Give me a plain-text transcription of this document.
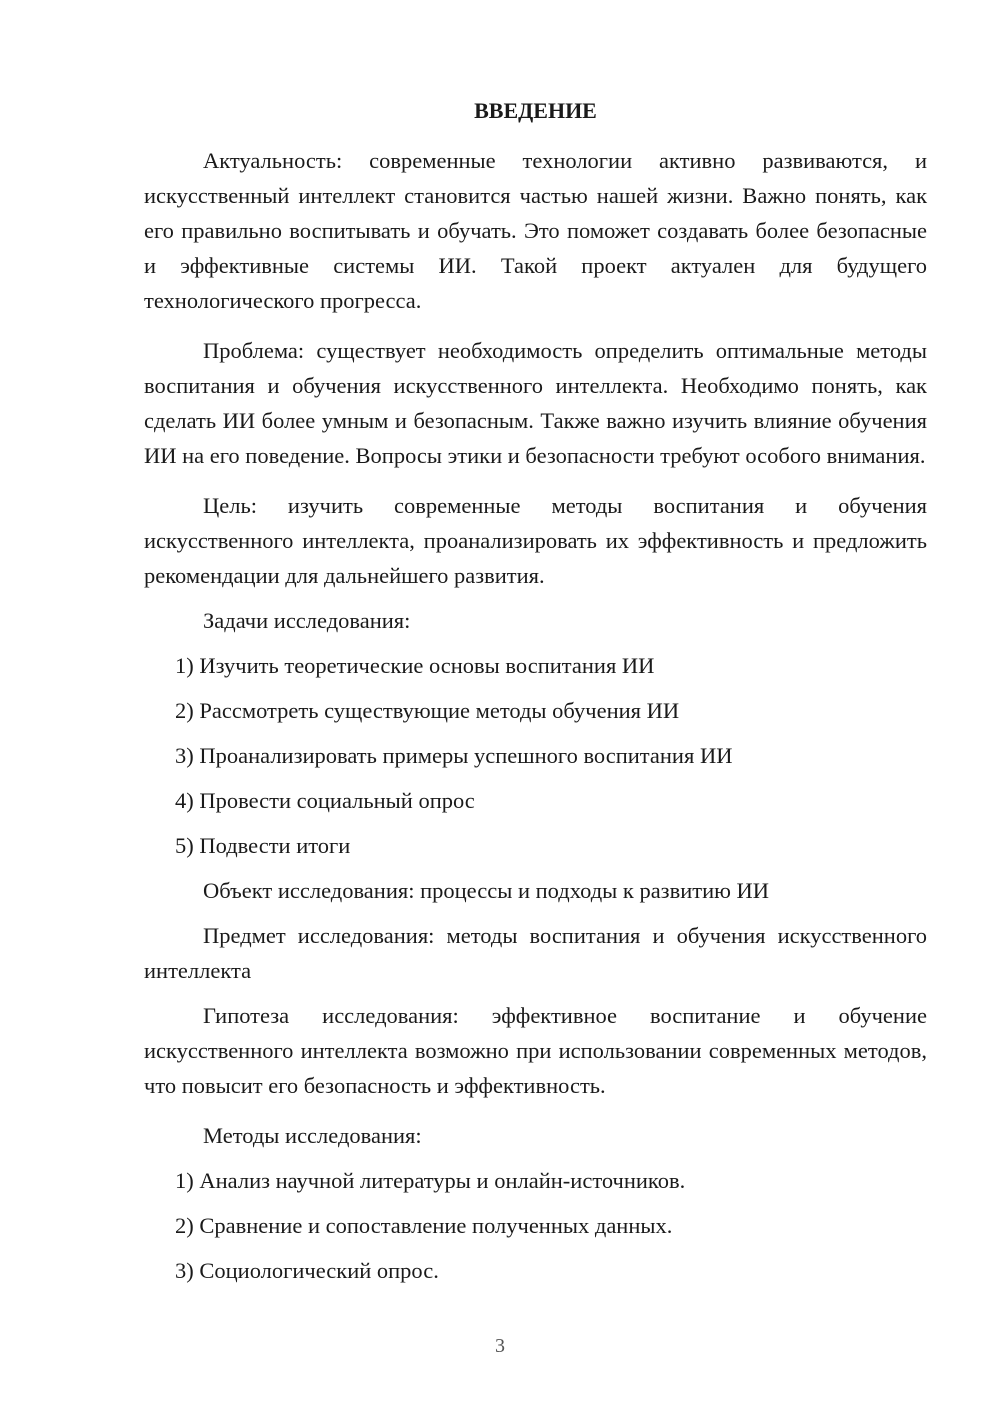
ВВЕДЕНИЕ

Актуальность: современные технологии активно развиваются, и искусственный интеллект становится частью нашей жизни. Важно понять, как его правильно воспитывать и обучать. Это поможет создавать более безопасные и эффективные системы ИИ. Такой проект актуален для будущего технологического прогресса.

Проблема: существует необходимость определить оптимальные методы воспитания и обучения искусственного интеллекта. Необходимо понять, как сделать ИИ более умным и безопасным. Также важно изучить влияние обучения ИИ на его поведение. Вопросы этики и безопасности требуют особого внимания.

Цель: изучить современные методы воспитания и обучения искусственного интеллекта, проанализировать их эффективность и предложить рекомендации для дальнейшего развития.

Задачи исследования:

1) Изучить теоретические основы воспитания ИИ
2) Рассмотреть существующие методы обучения ИИ
3) Проанализировать примеры успешного воспитания ИИ
4) Провести социальный опрос
5) Подвести итоги

Объект исследования: процессы и подходы к развитию ИИ

Предмет исследования: методы воспитания и обучения искусственного интеллекта

Гипотеза исследования: эффективное воспитание и обучение искусственного интеллекта возможно при использовании современных методов, что повысит его безопасность и эффективность.

Методы исследования:

1) Анализ научной литературы и онлайн-источников.
2) Сравнение и сопоставление полученных данных.
3) Социологический опрос.
3
